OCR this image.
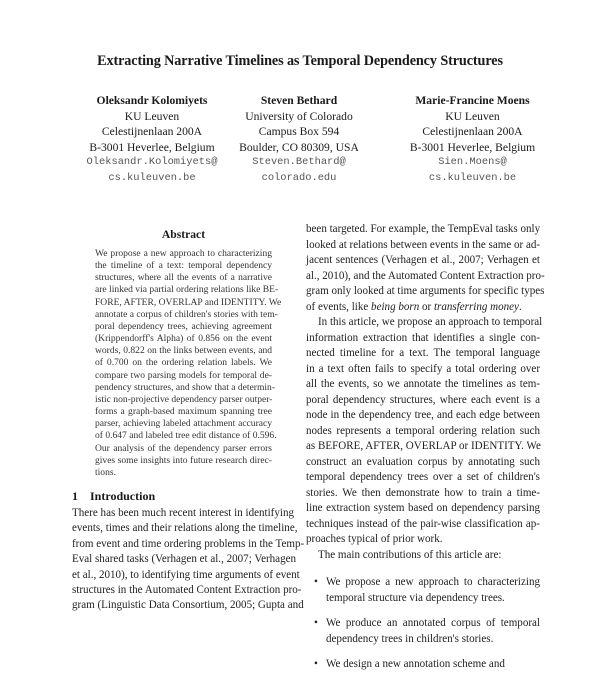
Extracting Narrative Timelines as Temporal Dependency Structures
Oleksandr Kolomiyets
KU Leuven
Celestijnenlaan 200A
B-3001 Heverlee, Belgium
Oleksandr.Kolomiyets@
cs.kuleuven.be
Steven Bethard
University of Colorado
Campus Box 594
Boulder, CO 80309, USA
Steven.Bethard@
colorado.edu
Marie-Francine Moens
KU Leuven
Celestijnenlaan 200A
B-3001 Heverlee, Belgium
Sien.Moens@
cs.kuleuven.be
Abstract
We propose a new approach to characterizing
the timeline of a text: temporal dependency
structures, where all the events of a narrative
are linked via partial ordering relations like BE-
FORE, AFTER, OVERLAP and IDENTITY. We
annotate a corpus of children's stories with tem-
poral dependency trees, achieving agreement
(Krippendorff's Alpha) of 0.856 on the event
words, 0.822 on the links between events, and
of 0.700 on the ordering relation labels. We
compare two parsing models for temporal de-
pendency structures, and show that a determin-
istic non-projective dependency parser outper-
forms a graph-based maximum spanning tree
parser, achieving labeled attachment accuracy
of 0.647 and labeled tree edit distance of 0.596.
Our analysis of the dependency parser errors
gives some insights into future research direc-
tions.
1 Introduction
There has been much recent interest in identifying
events, times and their relations along the timeline,
from event and time ordering problems in the Temp-
Eval shared tasks (Verhagen et al., 2007; Verhagen
et al., 2010), to identifying time arguments of event
structures in the Automated Content Extraction pro-
gram (Linguistic Data Consortium, 2005; Gupta and
been targeted. For example, the TempEval tasks only
looked at relations between events in the same or ad-
jacent sentences (Verhagen et al., 2007; Verhagen et
al., 2010), and the Automated Content Extraction pro-
gram only looked at time arguments for specific types
of events, like being born or transferring money.
In this article, we propose an approach to temporal
information extraction that identifies a single con-
nected timeline for a text. The temporal language
in a text often fails to specify a total ordering over
all the events, so we annotate the timelines as tem-
poral dependency structures, where each event is a
node in the dependency tree, and each edge between
nodes represents a temporal ordering relation such
as BEFORE, AFTER, OVERLAP or IDENTITY. We
construct an evaluation corpus by annotating such
temporal dependency trees over a set of children's
stories. We then demonstrate how to train a time-
line extraction system based on dependency parsing
techniques instead of the pair-wise classification ap-
proaches typical of prior work.
The main contributions of this article are:
• We propose a new approach to characterizing
temporal structure via dependency trees.
• We produce an annotated corpus of temporal
dependency trees in children's stories.
• We design a new annotation scheme and
